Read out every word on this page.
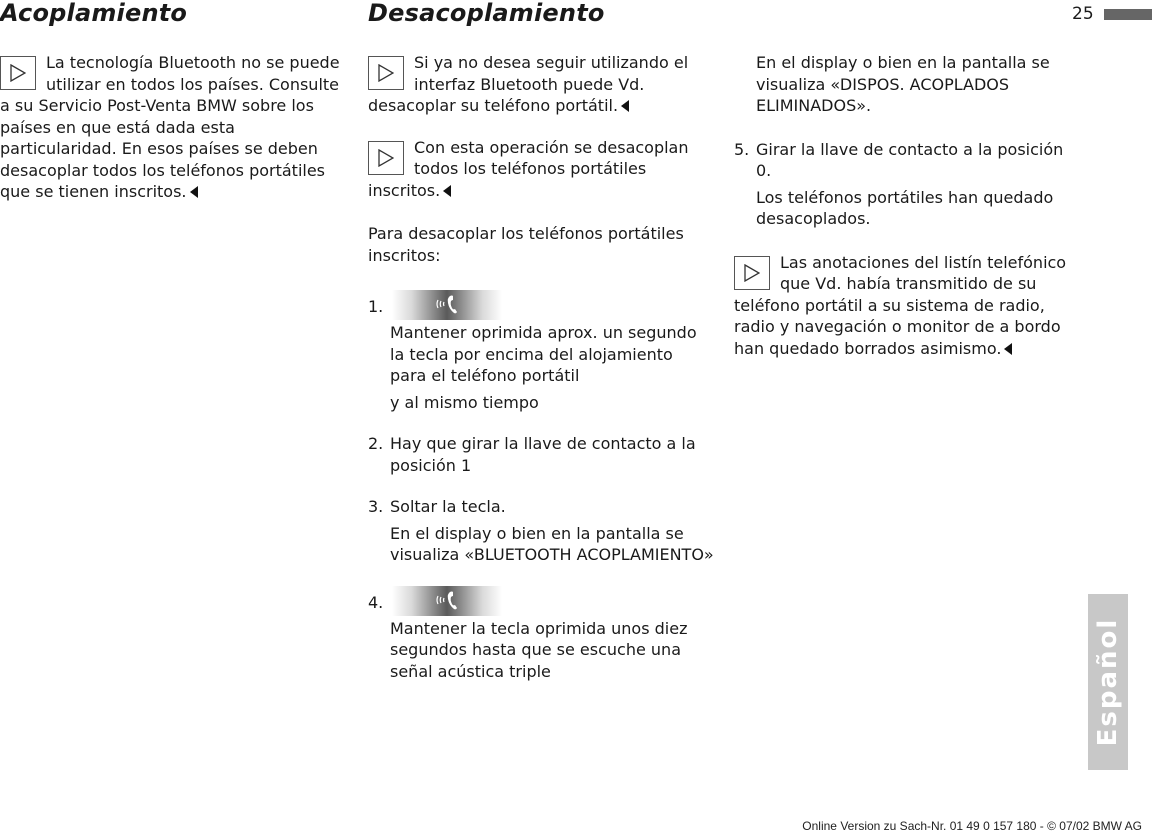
Acoplamiento	Desacoplamiento	25

La tecnología Bluetooth no se puede utilizar en todos los países. Consulte a su Servicio Post-Venta BMW sobre los países en que está dada esta particularidad. En esos países se deben desacoplar todos los teléfonos portátiles que se tienen inscritos.

Si ya no desea seguir utilizando el interfaz Bluetooth puede Vd. desacoplar su teléfono portátil.

Con esta operación se desacoplan todos los teléfonos portátiles inscritos.

Para desacoplar los teléfonos portátiles inscritos:

1.

Mantener oprimida aprox. un segundo la tecla por encima del alojamiento para el teléfono portátil

y al mismo tiempo

2. Hay que girar la llave de contacto a la posición 1

3. Soltar la tecla.

En el display o bien en la pantalla se visualiza «BLUETOOTH ACOPLAMIENTO»

4.

Mantener la tecla oprimida unos diez segundos hasta que se escuche una señal acústica triple

En el display o bien en la pantalla se visualiza «DISPOS. ACOPLADOS ELIMINADOS».

5. Girar la llave de contacto a la posición 0.

Los teléfonos portátiles han quedado desacoplados.

Las anotaciones del listín telefónico que Vd. había transmitido de su teléfono portátil a su sistema de radio, radio y navegación o monitor de a bordo han quedado borrados asimismo.

Español
Online Version zu Sach-Nr. 01 49 0 157 180 - © 07/02 BMW AG
